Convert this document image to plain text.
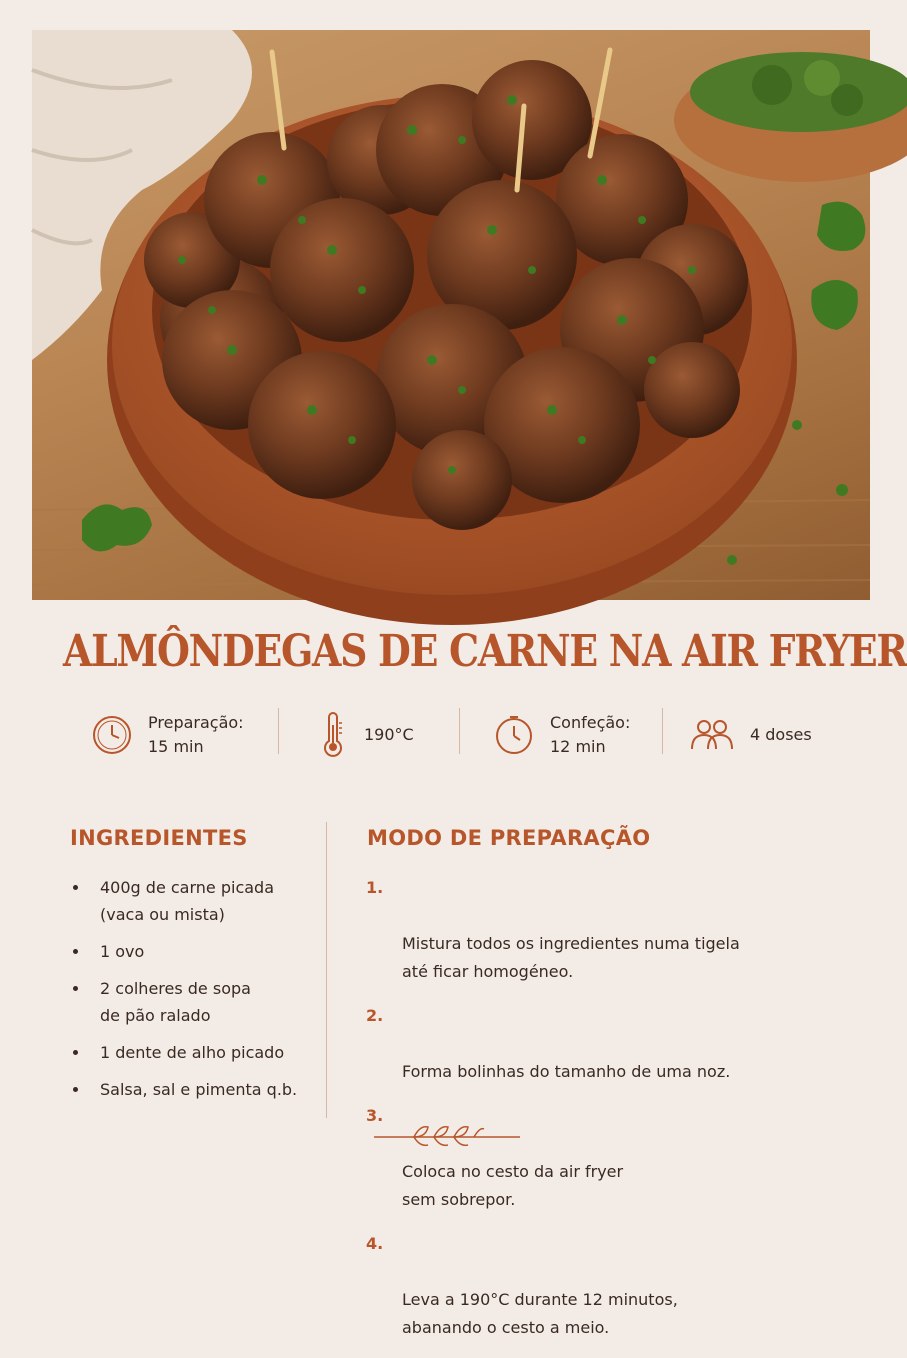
ALMÔNDEGAS DE CARNE NA AIR FRYER
Preparação:
15 min
190°C
Confeção:
12 min
4 doses
INGREDIENTES
400g de carne picada
(vaca ou mista)
1 ovo
2 colheres de sopa
de pão ralado
1 dente de alho picado
Salsa, sal e pimenta q.b.
MODO DE PREPARAÇÃO

1.

Mistura todos os ingredientes numa tigela
até ficar homogéneo.

2.

Forma bolinhas do tamanho de uma noz.

3.

Coloca no cesto da air fryer
sem sobrepor.

4.

Leva a 190°C durante 12 minutos,
abanando o cesto a meio.
